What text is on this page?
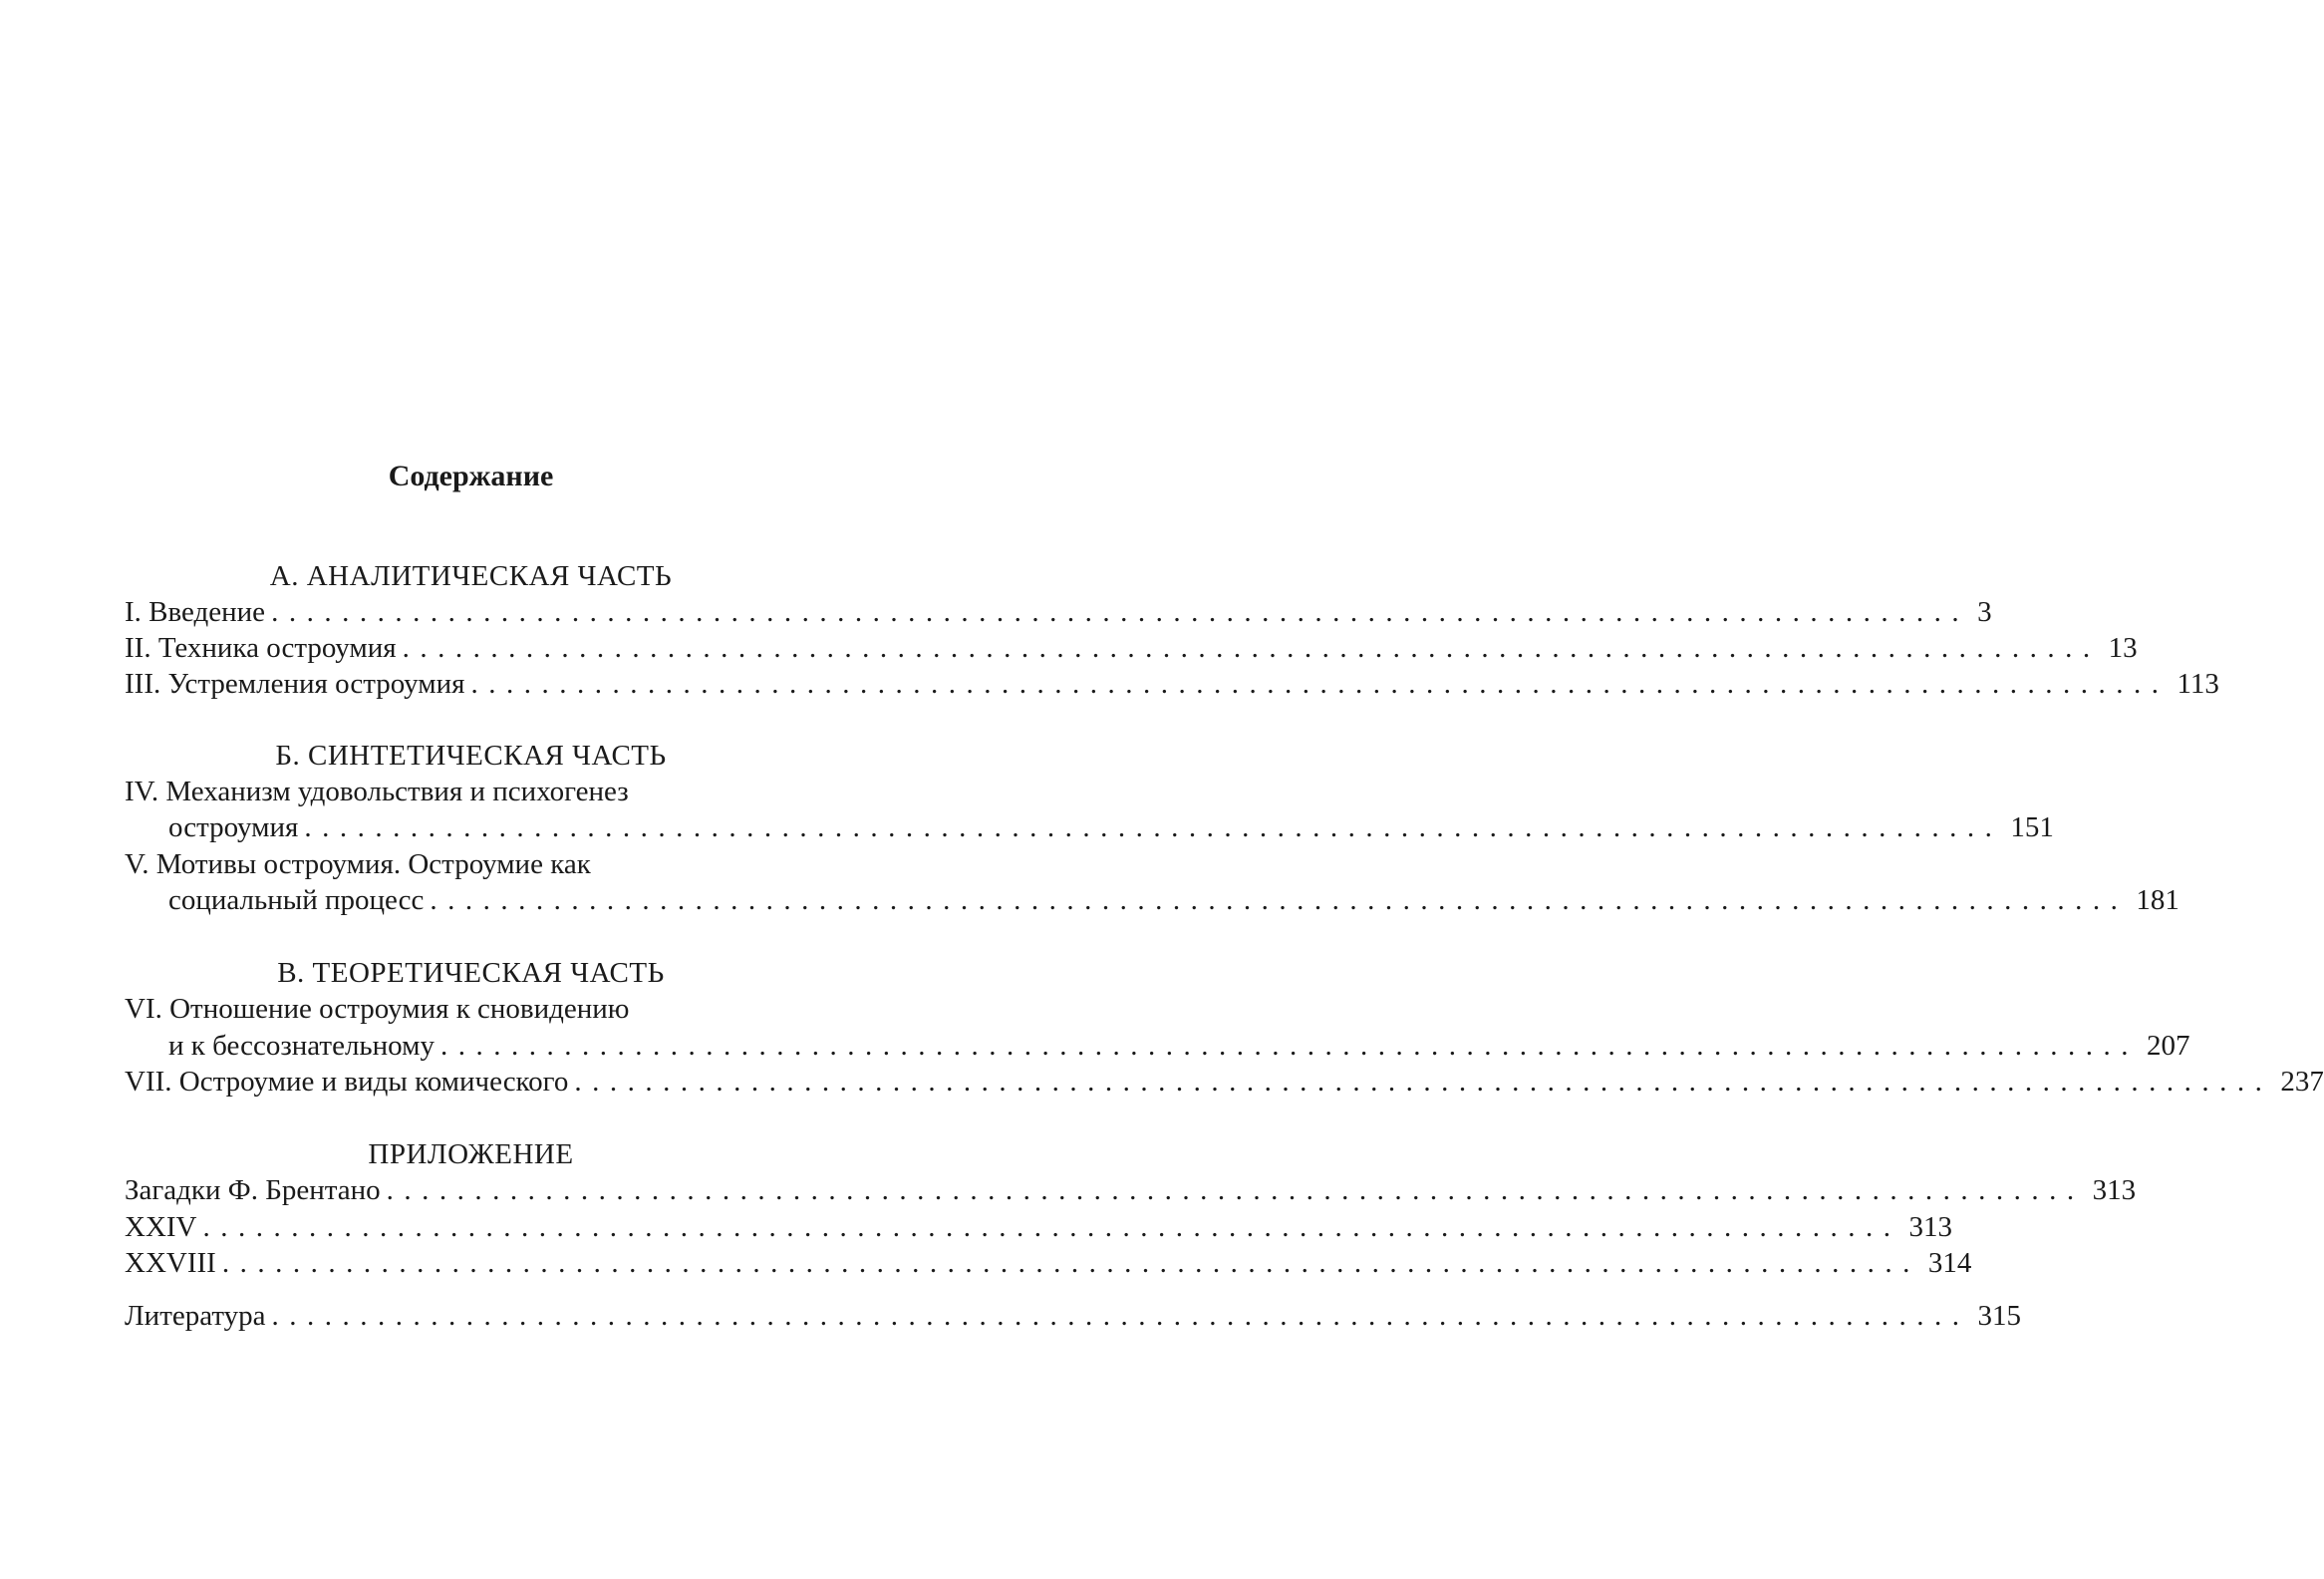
Содержание
А. АНАЛИТИЧЕСКАЯ ЧАСТЬ
I. Введение ................................................................................................ 3
II. Техника остроумия ................................................................................................ 13
III. Устремления остроумия ................................................................................................ 113
Б. СИНТЕТИЧЕСКАЯ ЧАСТЬ
IV. Механизм удовольствия и психогенез
остроумия ................................................................................................ 151
V. Мотивы остроумия. Остроумие как
социальный процесс ................................................................................................ 181
В. ТЕОРЕТИЧЕСКАЯ ЧАСТЬ
VI. Отношение остроумия к сновидению
и к бессознательному ................................................................................................ 207
VII. Остроумие и виды комического ................................................................................................ 237
ПРИЛОЖЕНИЕ
Загадки Ф. Брентано ................................................................................................ 313
XXIV ................................................................................................ 313
XXVIII ................................................................................................ 314
Литература ................................................................................................ 315
